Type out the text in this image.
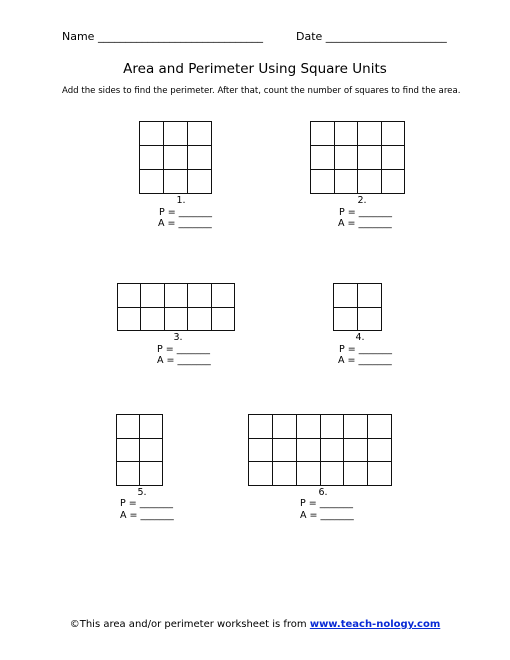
Name ______________________________	Date ______________________
Area and Perimeter Using Square Units
Add the sides to find the perimeter. After that, count the number of squares to find the area.
1.
P = _______
A = _______
2.
P = _______
A = _______
3.
P = _______
A = _______
4.
P = _______
A = _______
5.
P = _______
A = _______
6.
P = _______
A = _______
©This area and/or perimeter worksheet is from www.teach-nology.com
